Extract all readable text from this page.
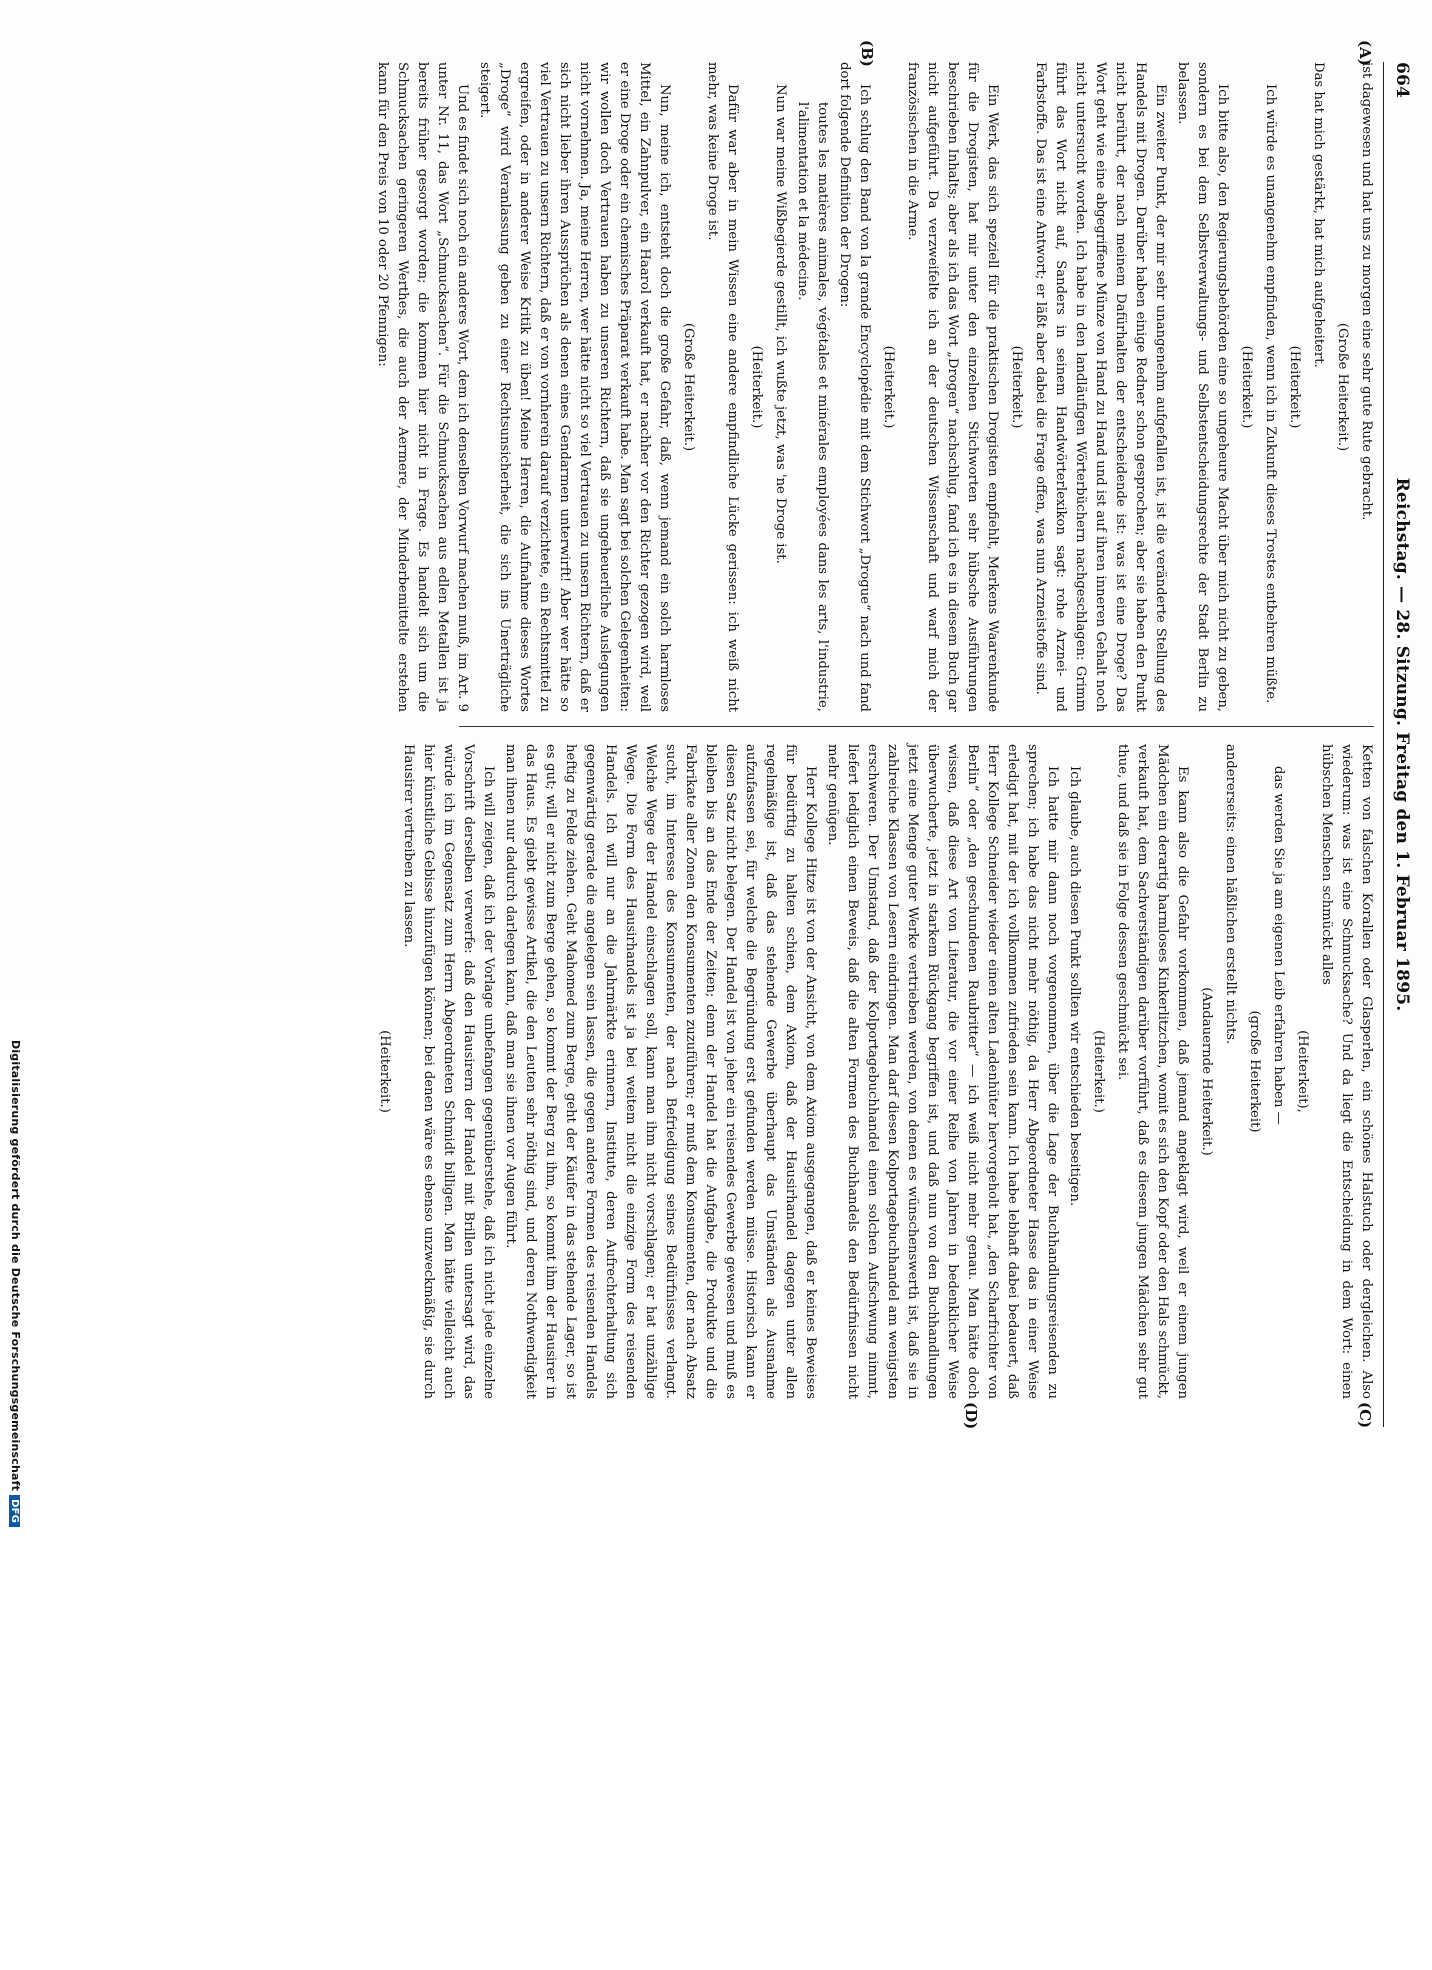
664
Reichstag. — 28. Sitzung. Freitag den 1. Februar 1895.
(A)
(B)
(C)
(D)

ist dagewesen und hat uns zu morgen eine sehr gute Rute gebracht.

(Große Heiterkeit.)

Das hat mich gestärkt, hat mich aufgeheitert.

(Heiterkeit.)

Ich würde es unangenehm empfinden, wenn ich in Zukunft dieses Trostes entbehren müßte.

(Heiterkeit.)

Ich bitte also, den Regierungsbehörden eine so ungeheure Macht über mich nicht zu geben, sondern es bei dem Selbstverwaltungs- und Selbstentscheidungsrechte der Stadt Berlin zu belassen.

Ein zweiter Punkt, der mir sehr unangenehm aufgefallen ist, ist die veränderte Stellung des Handels mit Drogen. Darüber haben einige Redner schon gesprochen; aber sie haben den Punkt nicht berührt, der nach meinem Dafürhalten der entscheidende ist: was ist eine Droge? Das Wort geht wie eine abgegriffene Münze von Hand zu Hand und ist auf ihren inneren Gehalt noch nicht untersucht worden. Ich habe in den landläufigen Wörterbüchern nachgeschlagen: Grimm führt das Wort nicht auf, Sanders in seinem Handwörterlexikon sagt: rohe Arznei- und Farbstoffe. Das ist eine Antwort; er läßt aber dabei die Frage offen, was nun Arzneistoffe sind.

(Heiterkeit.)

Ein Werk, das sich speziell für die praktischen Drogisten empfiehlt, Merkens Waarenkunde für die Drogisten, hat mir unter den einzelnen Stichworten sehr hübsche Ausführungen beschrieben Inhalts; aber als ich das Wort „Drogen“ nachschlug, fand ich es in diesem Buch gar nicht aufgeführt. Da verzweifelte ich an der deutschen Wissenschaft und warf mich der französischen in die Arme.

(Heiterkeit.)

Ich schlug den Band von la grande Encyclopédie mit dem Stichwort „Drogue“ nach und fand dort folgende Definition der Drogen:

toutes les matières animales, végétales et minérales employées dans les arts, l'industrie, l'alimentation et la médecine.

Nun war meine Wißbegierde gestillt, ich wußte jetzt, was 'ne Droge ist.

(Heiterkeit.)

Dafür war aber in mein Wissen eine andere empfindliche Lücke gerissen: ich weiß nicht mehr, was keine Droge ist.

(Große Heiterkeit.)

Nun, meine ich, entsteht doch die große Gefahr, daß, wenn jemand ein solch harmloses Mittel, ein Zahnpulver, ein Haarol verkauft hat, er nachher vor den Richter gezogen wird, weil er eine Droge oder ein chemisches Präparat verkauft habe. Man sagt bei solchen Gelegenheiten: wir wollen doch Vertrauen haben zu unseren Richtern, daß sie ungeheuerliche Auslegungen nicht vornehmen. Ja, meine Herren, wer hätte nicht so viel Vertrauen zu unsern Richtern, daß er sich nicht lieber ihren Aussprüchen als denen eines Gendarmen unterwirft! Aber wer hätte so viel Vertrauen zu unsern Richtern, daß er von vornherein darauf verzichtete, ein Rechtsmittel zu ergreifen, oder in anderer Weise Kritik zu üben! Meine Herren, die Aufnahme dieses Wortes „Droge“ wird Veranlassung geben zu einer Rechtsunsicherheit, die sich ins Unerträgliche steigert.

Und es findet sich noch ein anderes Wort, dem ich denselben Vorwurf machen muß, im Art. 9 unter Nr. 11, das Wort „Schmucksachen“. Für die Schmucksachen aus edlen Metallen ist ja bereits früher gesorgt worden; die kommen hier nicht in Frage. Es handelt sich um die Schmucksachen geringeren Werthes, die auch der Aermere, der Minderbemittelte erstehen kann für den Preis von 10 oder 20 Pfennigen:

Ketten von falschen Korallen oder Glasperlen, ein schönes Halstuch oder dergleichen. Also wiederum: was ist eine Schmucksache? Und da liegt die Entscheidung in dem Wort: einen hübschen Menschen schmückt alles

(Heiterkeit),

das werden Sie ja am eigenen Leib erfahren haben —

(große Heiterkeit)

andererseits: einen häßlichen erstellt nichts.

(Andauernde Heiterkeit.)

Es kann also die Gefahr vorkommen, daß jemand angeklagt wird, weil er einem jungen Mädchen ein derartig harmloses Kinkerlitzchen, womit es sich den Kopf oder den Hals schmückt, verkauft hat, dem Sachverständigen darüber vorführt, daß es diesem jungen Mädchen sehr gut thue, und daß sie in Folge dessen geschmückt sei.

(Heiterkeit.)

Ich glaube, auch diesen Punkt sollten wir entschieden beseitigen.

Ich hatte mir dann noch vorgenommen, über die Lage der Buchhandlungsreisenden zu sprechen; ich habe das nicht mehr nöthig, da Herr Abgeordneter Hasse das in einer Weise erledigt hat, mit der ich vollkommen zufrieden sein kann. Ich habe lebhaft dabei bedauert, daß Herr Kollege Schneider wieder einen alten Ladenhüter hervorgeholt hat, „den Scharfrichter von Berlin“ oder „den geschundenen Raubritter“ — ich weiß nicht mehr genau. Man hätte doch wissen, daß diese Art von Literatur, die vor einer Reihe von Jahren in bedenklicher Weise überwucherte, jetzt in starkem Rückgang begriffen ist, und daß nun von den Buchhandlungen jetzt eine Menge guter Werke vertrieben werden, von denen es wünschenswerth ist, daß sie in zahlreiche Klassen von Lesern eindringen. Man darf diesen Kolportagebuchhandel am wenigsten erschweren. Der Umstand, daß der Kolportagebuchhandel einen solchen Aufschwung nimmt, liefert lediglich einen Beweis, daß die alten Formen des Buchhandels den Bedürfnissen nicht mehr genügen.

Herr Kollege Hitze ist von der Ansicht, von dem Axiom ausgegangen, daß er keines Beweises für bedürftig zu halten schien, dem Axiom, daß der Hausirhandel dagegen unter allen regelmäßige ist, daß das stehende Gewerbe überhaupt das Umständen als Ausnahme aufzufassen sei, für welche die Begründung erst gefunden werden müsse. Historisch kann er diesen Satz nicht belegen. Der Handel ist von jeher ein reisendes Gewerbe gewesen und muß es bleiben bis an das Ende der Zeiten; denn der Handel hat die Aufgabe, die Produkte und die Fabrikate aller Zonen den Konsumenten zuzuführen; er muß dem Konsumenten, der nach Absatz sucht, im Interesse des Konsumenten, der nach Befriedigung seines Bedürfnisses verlangt. Welche Wege der Handel einschlagen soll, kann man ihm nicht vorschlagen; er hat unzählige Wege. Die Form des Hausirhandels ist ja bei weitem nicht die einzige Form des reisenden Handels. Ich will nur an die Jahrmärkte erinnern, Institute, deren Aufrechterhaltung sich gegenwärtig gerade die angelegen sein lassen, die gegen andere Formen des reisenden Handels heftig zu Felde ziehen. Geht Mahomed zum Berge, geht der Käufer in das stehende Lager, so ist es gut; will er nicht zum Berge gehen, so kommt der Berg zu ihm, so kommt ihm der Hausirer in das Haus. Es giebt gewisse Artikel, die den Leuten sehr nöthig sind, und deren Nothwendigkeit man ihnen nur dadurch darlegen kann, daß man sie ihnen vor Augen führt.

Ich will zeigen, daß ich der Vorlage unbefangen gegenüberstehe, daß ich nicht jede einzelne Vorschrift derselben verwerfe: daß den Hausirern der Handel mit Brillen untersagt wird, das würde ich im Gegensatz zum Herrn Abgeordneten Schmidt billigen. Man hätte vielleicht auch hier künstliche Gebisse hinzufügen können; bei denen wäre es ebenso unzweckmäßig, sie durch Hausirer vertreiben zu lassen.

(Heiterkeit.)

Digitalisierung gefördert durch die Deutsche ForschungsgemeinschaftDFG
